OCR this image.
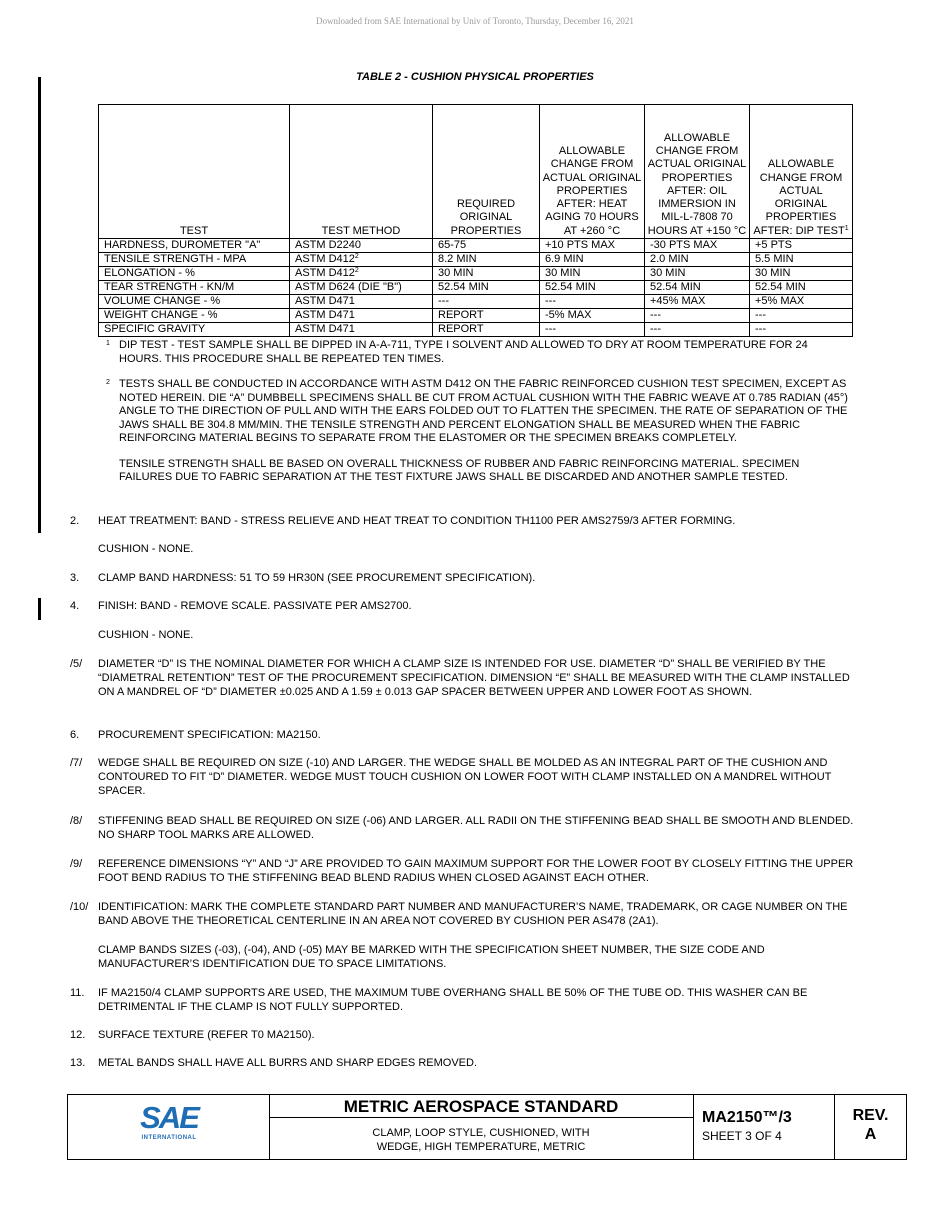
Downloaded from SAE International by Univ of Toronto, Thursday, December 16, 2021
TABLE 2 - CUSHION PHYSICAL PROPERTIES
TEST	TEST METHOD	REQUIRED ORIGINAL PROPERTIES	ALLOWABLE CHANGE FROM ACTUAL ORIGINAL PROPERTIES AFTER: HEAT AGING 70 HOURS AT +260 °C	ALLOWABLE CHANGE FROM ACTUAL ORIGINAL PROPERTIES AFTER: OIL IMMERSION IN MIL-L-7808 70 HOURS AT +150 °C	ALLOWABLE CHANGE FROM ACTUAL ORIGINAL PROPERTIES AFTER: DIP TEST$^1$
HARDNESS, DUROMETER "A"	ASTM D2240	65-75	+10 PTS MAX	-30 PTS MAX	+5 PTS
TENSILE STRENGTH - MPA	ASTM $D412^2$	8.2 MIN	6.9 MIN	2.0 MIN	5.5 MIN
ELONGATION - %	ASTM $D412^2$	30 MIN	30 MIN	30 MIN	30 MIN
TEAR STRENGTH - KN/M	ASTM D624 (DIE "B")	52.54 MIN	52.54 MIN	52.54 MIN	52.54 MIN
VOLUME CHANGE - %	ASTM D471	---	---	+45% MAX	+5% MAX
WEIGHT CHANGE - %	ASTM D471	REPORT	-5% MAX	---	---
SPECIFIC GRAVITY	ASTM D471	REPORT	---	---	---
1 DIP TEST - TEST SAMPLE SHALL BE DIPPED IN A-A-711, TYPE I SOLVENT AND ALLOWED TO DRY AT ROOM TEMPERATURE FOR 24 HOURS. THIS PROCEDURE SHALL BE REPEATED TEN TIMES.
2 TESTS SHALL BE CONDUCTED IN ACCORDANCE WITH ASTM D412 ON THE FABRIC REINFORCED CUSHION TEST SPECIMEN, EXCEPT AS NOTED HEREIN. DIE “A” DUMBBELL SPECIMENS SHALL BE CUT FROM ACTUAL CUSHION WITH THE FABRIC WEAVE AT 0.785 RADIAN (45°) ANGLE TO THE DIRECTION OF PULL AND WITH THE EARS FOLDED OUT TO FLATTEN THE SPECIMEN. THE RATE OF SEPARATION OF THE JAWS SHALL BE 304.8 MM/MIN. THE TENSILE STRENGTH AND PERCENT ELONGATION SHALL BE MEASURED WHEN THE FABRIC REINFORCING MATERIAL BEGINS TO SEPARATE FROM THE ELASTOMER OR THE SPECIMEN BREAKS COMPLETELY.
TENSILE STRENGTH SHALL BE BASED ON OVERALL THICKNESS OF RUBBER AND FABRIC REINFORCING MATERIAL. SPECIMEN FAILURES DUE TO FABRIC SEPARATION AT THE TEST FIXTURE JAWS SHALL BE DISCARDED AND ANOTHER SAMPLE TESTED.
2. HEAT TREATMENT: BAND - STRESS RELIEVE AND HEAT TREAT TO CONDITION TH1100 PER AMS2759/3 AFTER FORMING.
CUSHION - NONE.
3. CLAMP BAND HARDNESS: 51 TO 59 HR30N (SEE PROCUREMENT SPECIFICATION).
4. FINISH: BAND - REMOVE SCALE. PASSIVATE PER AMS2700.
CUSHION - NONE.
/5/ DIAMETER “D” IS THE NOMINAL DIAMETER FOR WHICH A CLAMP SIZE IS INTENDED FOR USE. DIAMETER “D” SHALL BE VERIFIED BY THE “DIAMETRAL RETENTION” TEST OF THE PROCUREMENT SPECIFICATION. DIMENSION “E” SHALL BE MEASURED WITH THE CLAMP INSTALLED ON A MANDREL OF “D” DIAMETER ±0.025 AND A 1.59 ± 0.013 GAP SPACER BETWEEN UPPER AND LOWER FOOT AS SHOWN.
6. PROCUREMENT SPECIFICATION: MA2150.
/7/ WEDGE SHALL BE REQUIRED ON SIZE (-10) AND LARGER. THE WEDGE SHALL BE MOLDED AS AN INTEGRAL PART OF THE CUSHION AND CONTOURED TO FIT “D” DIAMETER. WEDGE MUST TOUCH CUSHION ON LOWER FOOT WITH CLAMP INSTALLED ON A MANDREL WITHOUT SPACER.
/8/ STIFFENING BEAD SHALL BE REQUIRED ON SIZE (-06) AND LARGER. ALL RADII ON THE STIFFENING BEAD SHALL BE SMOOTH AND BLENDED. NO SHARP TOOL MARKS ARE ALLOWED.
/9/ REFERENCE DIMENSIONS “Y” AND “J” ARE PROVIDED TO GAIN MAXIMUM SUPPORT FOR THE LOWER FOOT BY CLOSELY FITTING THE UPPER FOOT BEND RADIUS TO THE STIFFENING BEAD BLEND RADIUS WHEN CLOSED AGAINST EACH OTHER.
/10/ IDENTIFICATION: MARK THE COMPLETE STANDARD PART NUMBER AND MANUFACTURER’S NAME, TRADEMARK, OR CAGE NUMBER ON THE BAND ABOVE THE THEORETICAL CENTERLINE IN AN AREA NOT COVERED BY CUSHION PER AS478 (2A1).
CLAMP BANDS SIZES (-03), (-04), AND (-05) MAY BE MARKED WITH THE SPECIFICATION SHEET NUMBER, THE SIZE CODE AND MANUFACTURER’S IDENTIFICATION DUE TO SPACE LIMITATIONS.
11. IF MA2150/4 CLAMP SUPPORTS ARE USED, THE MAXIMUM TUBE OVERHANG SHALL BE 50% OF THE TUBE OD. THIS WASHER CAN BE DETRIMENTAL IF THE CLAMP IS NOT FULLY SUPPORTED.
12. SURFACE TEXTURE (REFER T0 MA2150).
13. METAL BANDS SHALL HAVE ALL BURRS AND SHARP EDGES REMOVED.
SAE
INTERNATIONAL
METRIC AEROSPACE STANDARD
CLAMP, LOOP STYLE, CUSHIONED, WITH WEDGE, HIGH TEMPERATURE, METRIC
MA2150™/3
SHEET 3 OF 4
REV.
A
